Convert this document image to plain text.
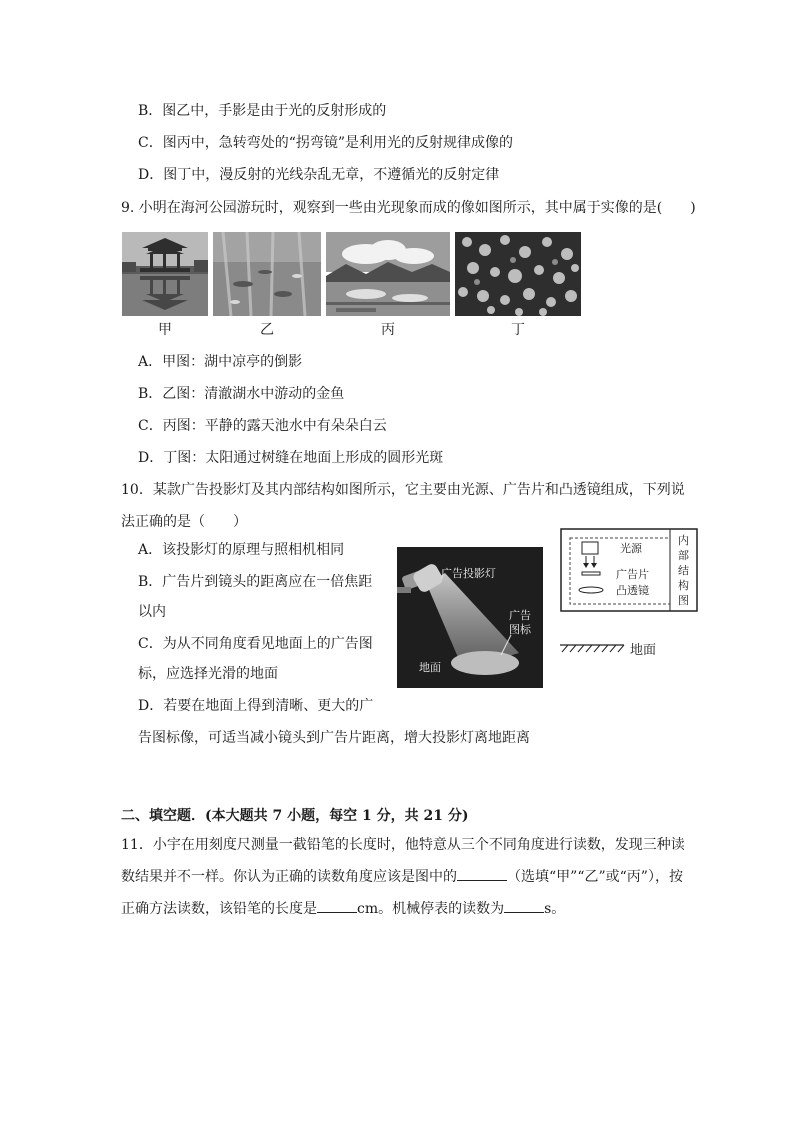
B．图乙中，手影是由于光的反射形成的
C．图丙中，急转弯处的“拐弯镜”是利用光的反射规律成像的
D．图丁中，漫反射的光线杂乱无章，不遵循光的反射定律
9. 小明在海河公园游玩时，观察到一些由光现象而成的像如图所示，其中属于实像的是(　　)
甲	乙	丙	丁
A．甲图：湖中凉亭的倒影
B．乙图：清澈湖水中游动的金鱼
C．丙图：平静的露天池水中有朵朵白云
D．丁图：太阳通过树缝在地面上形成的圆形光斑
10．某款广告投影灯及其内部结构如图所示，它主要由光源、广告片和凸透镜组成，下列说
法正确的是（　　）
A．该投影灯的原理与照相机相同
B．广告片到镜头的距离应在一倍焦距
以内
C．为从不同角度看见地面上的广告图
标，应选择光滑的地面
D．若要在地面上得到清晰、更大的广
告图标像，可适当减小镜头到广告片距离，增大投影灯离地距离
广告投影灯
广告
图标
地面
光源
广告片
凸透镜
内
部
结
构
图
地面
二、填空题．(本大题共 7 小题，每空 1 分，共 21 分)
11．小宇在用刻度尺测量一截铅笔的长度时，他特意从三个不同角度进行读数，发现三种读
数结果并不一样。你认为正确的读数角度应该是图中的	（选填“甲”“乙”或“丙”），按
正确方法读数，该铅笔的长度是	cm。机械停表的读数为	s。
